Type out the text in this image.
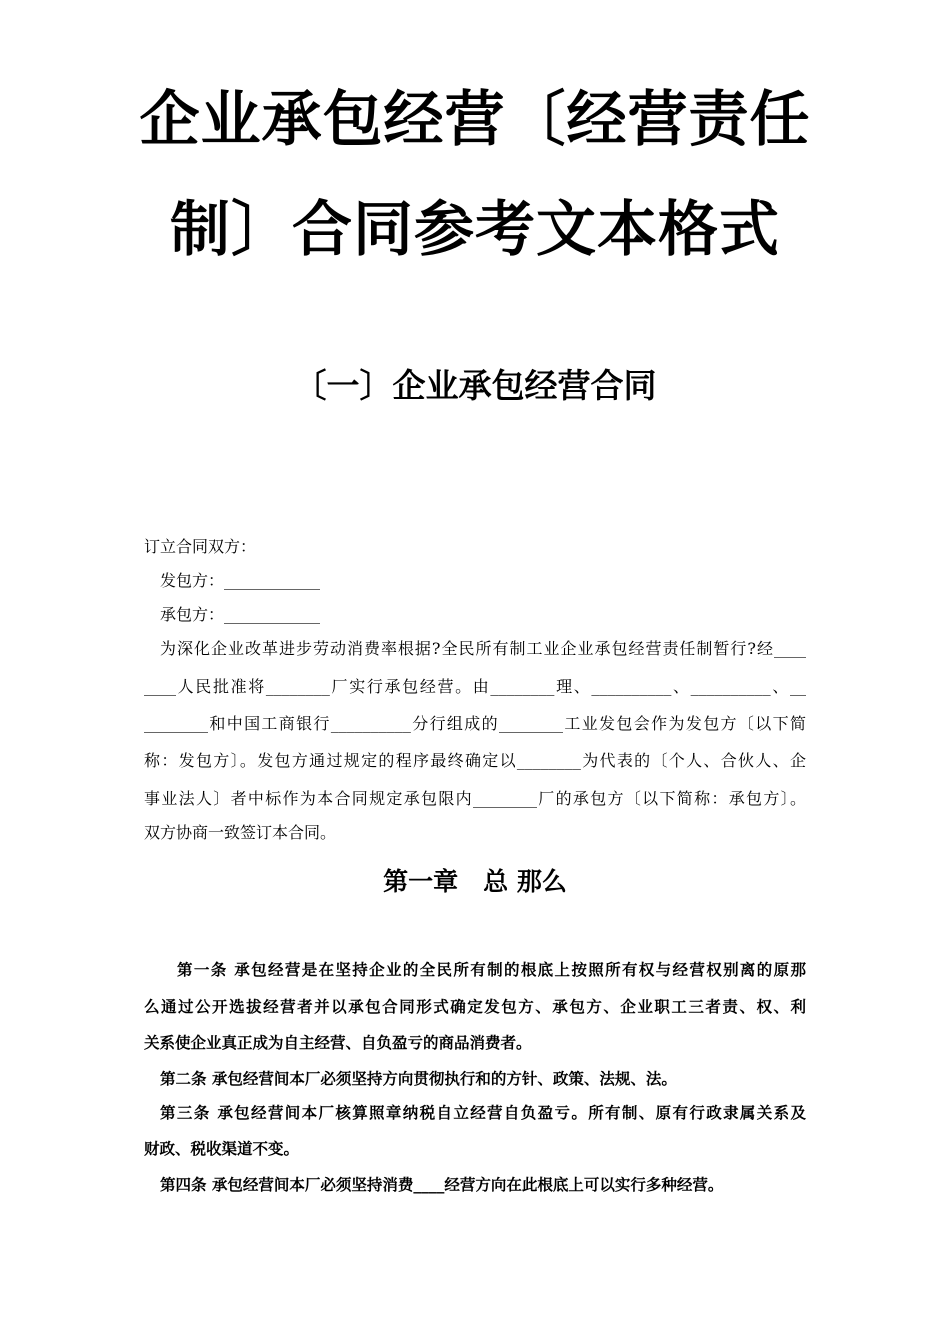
企业承包经营〔经营责任
制〕合同参考文本格式
〔一〕企业承包经营合同

订立合同双方：

发包方：____________

承包方：____________

为深化企业改革进步劳动消费率根据?全民所有制工业企业承包经营责任制暂行?经____

____人民批准将________厂实行承包经营。由________理、__________、__________、__

________和中国工商银行__________分行组成的________工业发包会作为发包方〔以下简

称：发包方〕。发包方通过规定的程序最终确定以________为代表的〔个人、合伙人、企

事业法人〕者中标作为本合同规定承包限内________厂的承包方〔以下简称：承包方〕。

双方协商一致签订本合同。

第一章　总 那么

第一条 承包经营是在坚持企业的全民所有制的根底上按照所有权与经营权别离的原那

么通过公开选拔经营者并以承包合同形式确定发包方、承包方、企业职工三者责、权、利

关系使企业真正成为自主经营、自负盈亏的商品消费者。

第二条 承包经营间本厂必须坚持方向贯彻执行和的方针、政策、法规、法。

第三条 承包经营间本厂核算照章纳税自立经营自负盈亏。所有制、原有行政隶属关系及

财政、税收渠道不变。

第四条 承包经营间本厂必须坚持消费____经营方向在此根底上可以实行多种经营。
